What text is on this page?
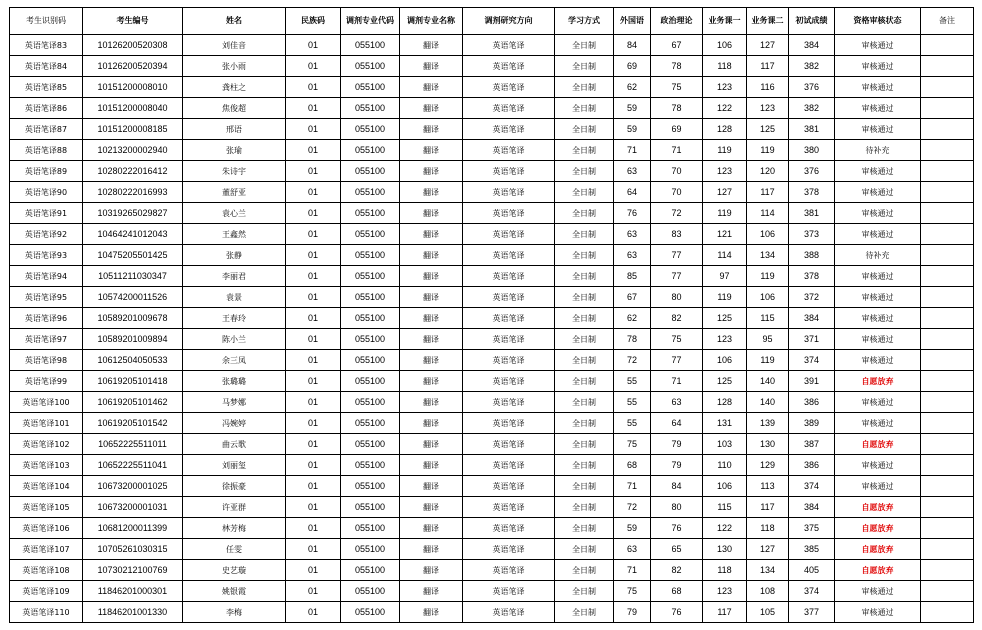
考生识别码	考生编号	姓名	民族码	调剂专业代码	调剂专业名称	调剂研究方向	学习方式	外国语	政治理论	业务课一	业务课二	初试成绩	资格审核状态	备注
英语笔译83	10126200520308	刘佳音	01	055100	翻译	英语笔译	全日制	84	67	106	127	384	审核通过	
英语笔译84	10126200520394	张小雨	01	055100	翻译	英语笔译	全日制	69	78	118	117	382	审核通过	
英语笔译85	10151200008010	龚柱之	01	055100	翻译	英语笔译	全日制	62	75	123	116	376	审核通过	
英语笔译86	10151200008040	焦俊超	01	055100	翻译	英语笔译	全日制	59	78	122	123	382	审核通过	
英语笔译87	10151200008185	邢语	01	055100	翻译	英语笔译	全日制	59	69	128	125	381	审核通过	
英语笔译88	10213200002940	张瑜	01	055100	翻译	英语笔译	全日制	71	71	119	119	380	待补充	
英语笔译89	10280222016412	朱诗宇	01	055100	翻译	英语笔译	全日制	63	70	123	120	376	审核通过	
英语笔译90	10280222016993	董舒亚	01	055100	翻译	英语笔译	全日制	64	70	127	117	378	审核通过	
英语笔译91	10319265029827	袁心兰	01	055100	翻译	英语笔译	全日制	76	72	119	114	381	审核通过	
英语笔译92	10464241012043	王鑫然	01	055100	翻译	英语笔译	全日制	63	83	121	106	373	审核通过	
英语笔译93	10475205501425	张静	01	055100	翻译	英语笔译	全日制	63	77	114	134	388	待补充	
英语笔译94	10511211030347	李丽君	01	055100	翻译	英语笔译	全日制	85	77	97	119	378	审核通过	
英语笔译95	10574200011526	袁景	01	055100	翻译	英语笔译	全日制	67	80	119	106	372	审核通过	
英语笔译96	10589201009678	王春玲	01	055100	翻译	英语笔译	全日制	62	82	125	115	384	审核通过	
英语笔译97	10589201009894	陈小兰	01	055100	翻译	英语笔译	全日制	78	75	123	95	371	审核通过	
英语笔译98	10612504050533	余三凤	01	055100	翻译	英语笔译	全日制	72	77	106	119	374	审核通过	
英语笔译99	10619205101418	张璐璐	01	055100	翻译	英语笔译	全日制	55	71	125	140	391	自愿放弃	
英语笔译100	10619205101462	马梦娜	01	055100	翻译	英语笔译	全日制	55	63	128	140	386	审核通过	
英语笔译101	10619205101542	冯婉婷	01	055100	翻译	英语笔译	全日制	55	64	131	139	389	审核通过	
英语笔译102	10652225511011	曲云歌	01	055100	翻译	英语笔译	全日制	75	79	103	130	387	自愿放弃	
英语笔译103	10652225511041	刘丽玺	01	055100	翻译	英语笔译	全日制	68	79	110	129	386	审核通过	
英语笔译104	10673200001025	徐振豪	01	055100	翻译	英语笔译	全日制	71	84	106	113	374	审核通过	
英语笔译105	10673200001031	许亚群	01	055100	翻译	英语笔译	全日制	72	80	115	117	384	自愿放弃	
英语笔译106	10681200011399	林芳梅	01	055100	翻译	英语笔译	全日制	59	76	122	118	375	自愿放弃	
英语笔译107	10705261030315	任雯	01	055100	翻译	英语笔译	全日制	63	65	130	127	385	自愿放弃	
英语笔译108	10730212100769	史艺璇	01	055100	翻译	英语笔译	全日制	71	82	118	134	405	自愿放弃	
英语笔译109	11846201000301	姚银霞	01	055100	翻译	英语笔译	全日制	75	68	123	108	374	审核通过	
英语笔译110	11846201001330	李梅	01	055100	翻译	英语笔译	全日制	79	76	117	105	377	审核通过	
